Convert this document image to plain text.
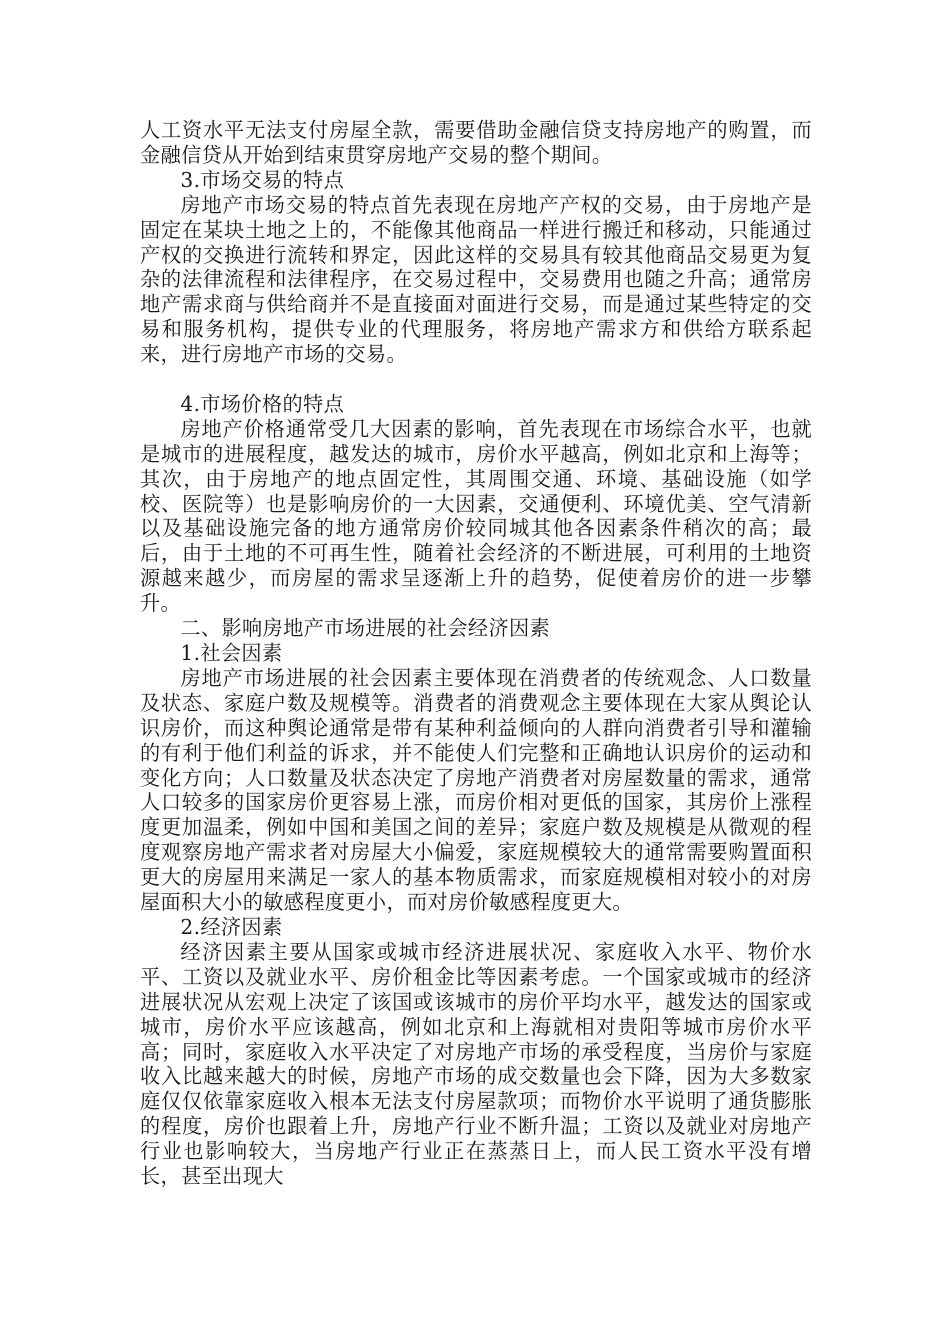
人工资水平无法支付房屋全款，需要借助金融信贷支持房地产的购置，而金融信贷从开始到结束贯穿房地产交易的整个期间。

3.市场交易的特点

房地产市场交易的特点首先表现在房地产产权的交易，由于房地产是固定在某块土地之上的，不能像其他商品一样进行搬迁和移动，只能通过产权的交换进行流转和界定，因此这样的交易具有较其他商品交易更为复杂的法律流程和法律程序，在交易过程中，交易费用也随之升高；通常房地产需求商与供给商并不是直接面对面进行交易，而是通过某些特定的交易和服务机构，提供专业的代理服务，将房地产需求方和供给方联系起来，进行房地产市场的交易。

4.市场价格的特点

房地产价格通常受几大因素的影响，首先表现在市场综合水平，也就是城市的进展程度，越发达的城市，房价水平越高，例如北京和上海等；其次，由于房地产的地点固定性，其周围交通、环境、基础设施（如学校、医院等）也是影响房价的一大因素，交通便利、环境优美、空气清新以及基础设施完备的地方通常房价较同城其他各因素条件稍次的高；最后，由于土地的不可再生性，随着社会经济的不断进展，可利用的土地资源越来越少，而房屋的需求呈逐渐上升的趋势，促使着房价的进一步攀升。

二、影响房地产市场进展的社会经济因素

1.社会因素

房地产市场进展的社会因素主要体现在消费者的传统观念、人口数量及状态、家庭户数及规模等。消费者的消费观念主要体现在大家从舆论认识房价，而这种舆论通常是带有某种利益倾向的人群向消费者引导和灌输的有利于他们利益的诉求，并不能使人们完整和正确地认识房价的运动和变化方向；人口数量及状态决定了房地产消费者对房屋数量的需求，通常人口较多的国家房价更容易上涨，而房价相对更低的国家，其房价上涨程度更加温柔，例如中国和美国之间的差异；家庭户数及规模是从微观的程度观察房地产需求者对房屋大小偏爱，家庭规模较大的通常需要购置面积更大的房屋用来满足一家人的基本物质需求，而家庭规模相对较小的对房屋面积大小的敏感程度更小，而对房价敏感程度更大。

2.经济因素

经济因素主要从国家或城市经济进展状况、家庭收入水平、物价水平、工资以及就业水平、房价租金比等因素考虑。一个国家或城市的经济进展状况从宏观上决定了该国或该城市的房价平均水平，越发达的国家或城市，房价水平应该越高，例如北京和上海就相对贵阳等城市房价水平高；同时，家庭收入水平决定了对房地产市场的承受程度，当房价与家庭收入比越来越大的时候，房地产市场的成交数量也会下降，因为大多数家庭仅仅依靠家庭收入根本无法支付房屋款项；而物价水平说明了通货膨胀的程度，房价也跟着上升，房地产行业不断升温；工资以及就业对房地产行业也影响较大，当房地产行业正在蒸蒸日上，而人民工资水平没有增长，甚至出现大
